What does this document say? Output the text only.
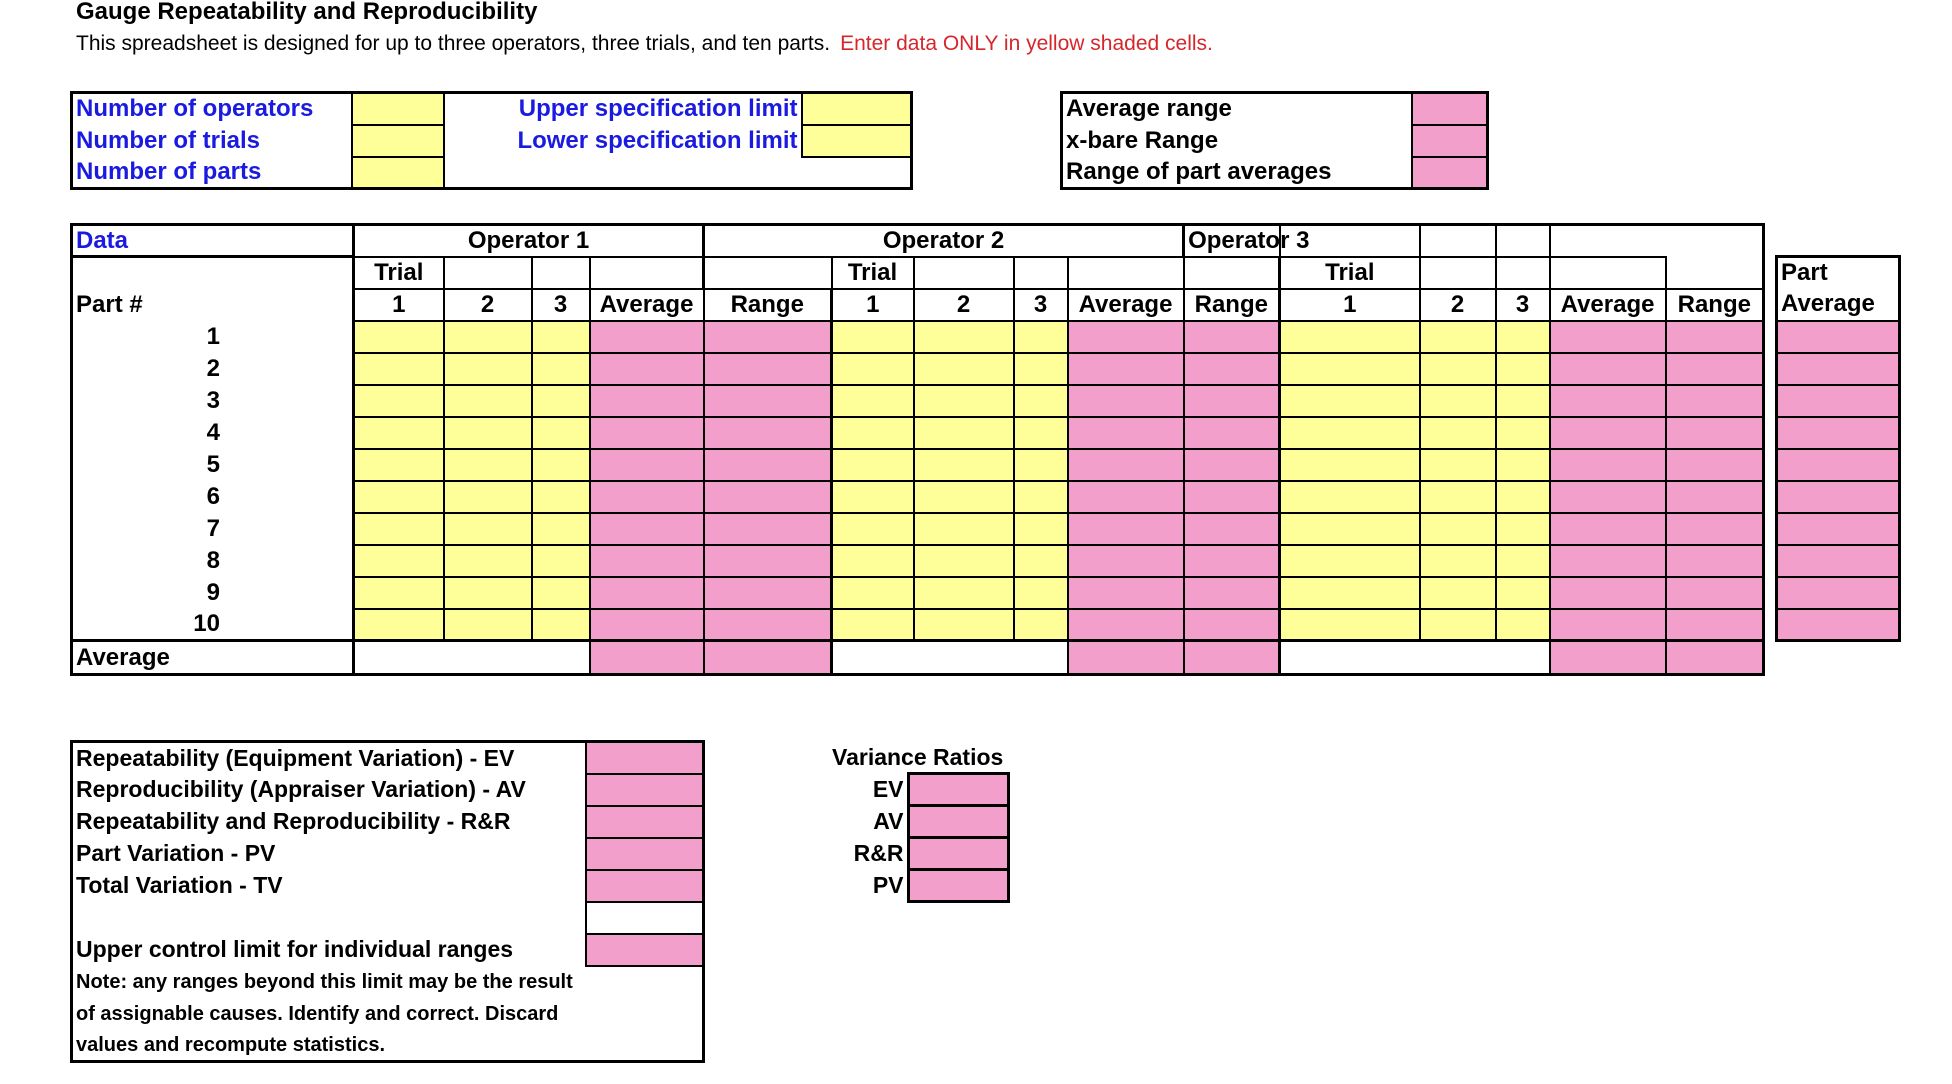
Gauge Repeatability and Reproducibility
This spreadsheet is designed for up to three operators, three trials, and ten parts. Enter data ONLY in yellow shaded cells.
Number of operators			Upper specification limit		
Number of trials			Lower specification limit		
Number of parts					
Average range	
x-bare Range	
Range of part averages	
Data	Operator 1				Operator 2					Operator 3					
Part #	Trial					Trial					Trial				
	1	2	3	Average	Range	1	2	3	Average	Range	1	2	3	Average	Range
1															
2															
3															
4															
5															
6															
7															
8															
9															
10															
Average															
Part
Average

Repeatability (Equipment Variation) - EV	
Reproducibility (Appraiser Variation) - AV	
Repeatability and Reproducibility - R&R	
Part Variation - PV	
Total Variation - TV	

Upper control limit for individual ranges	
Note: any ranges beyond this limit may be the result	
of assignable causes. Identify and correct. Discard	
values and recompute statistics.	
Variance Ratios
EV	
AV	
R&R	
PV	
